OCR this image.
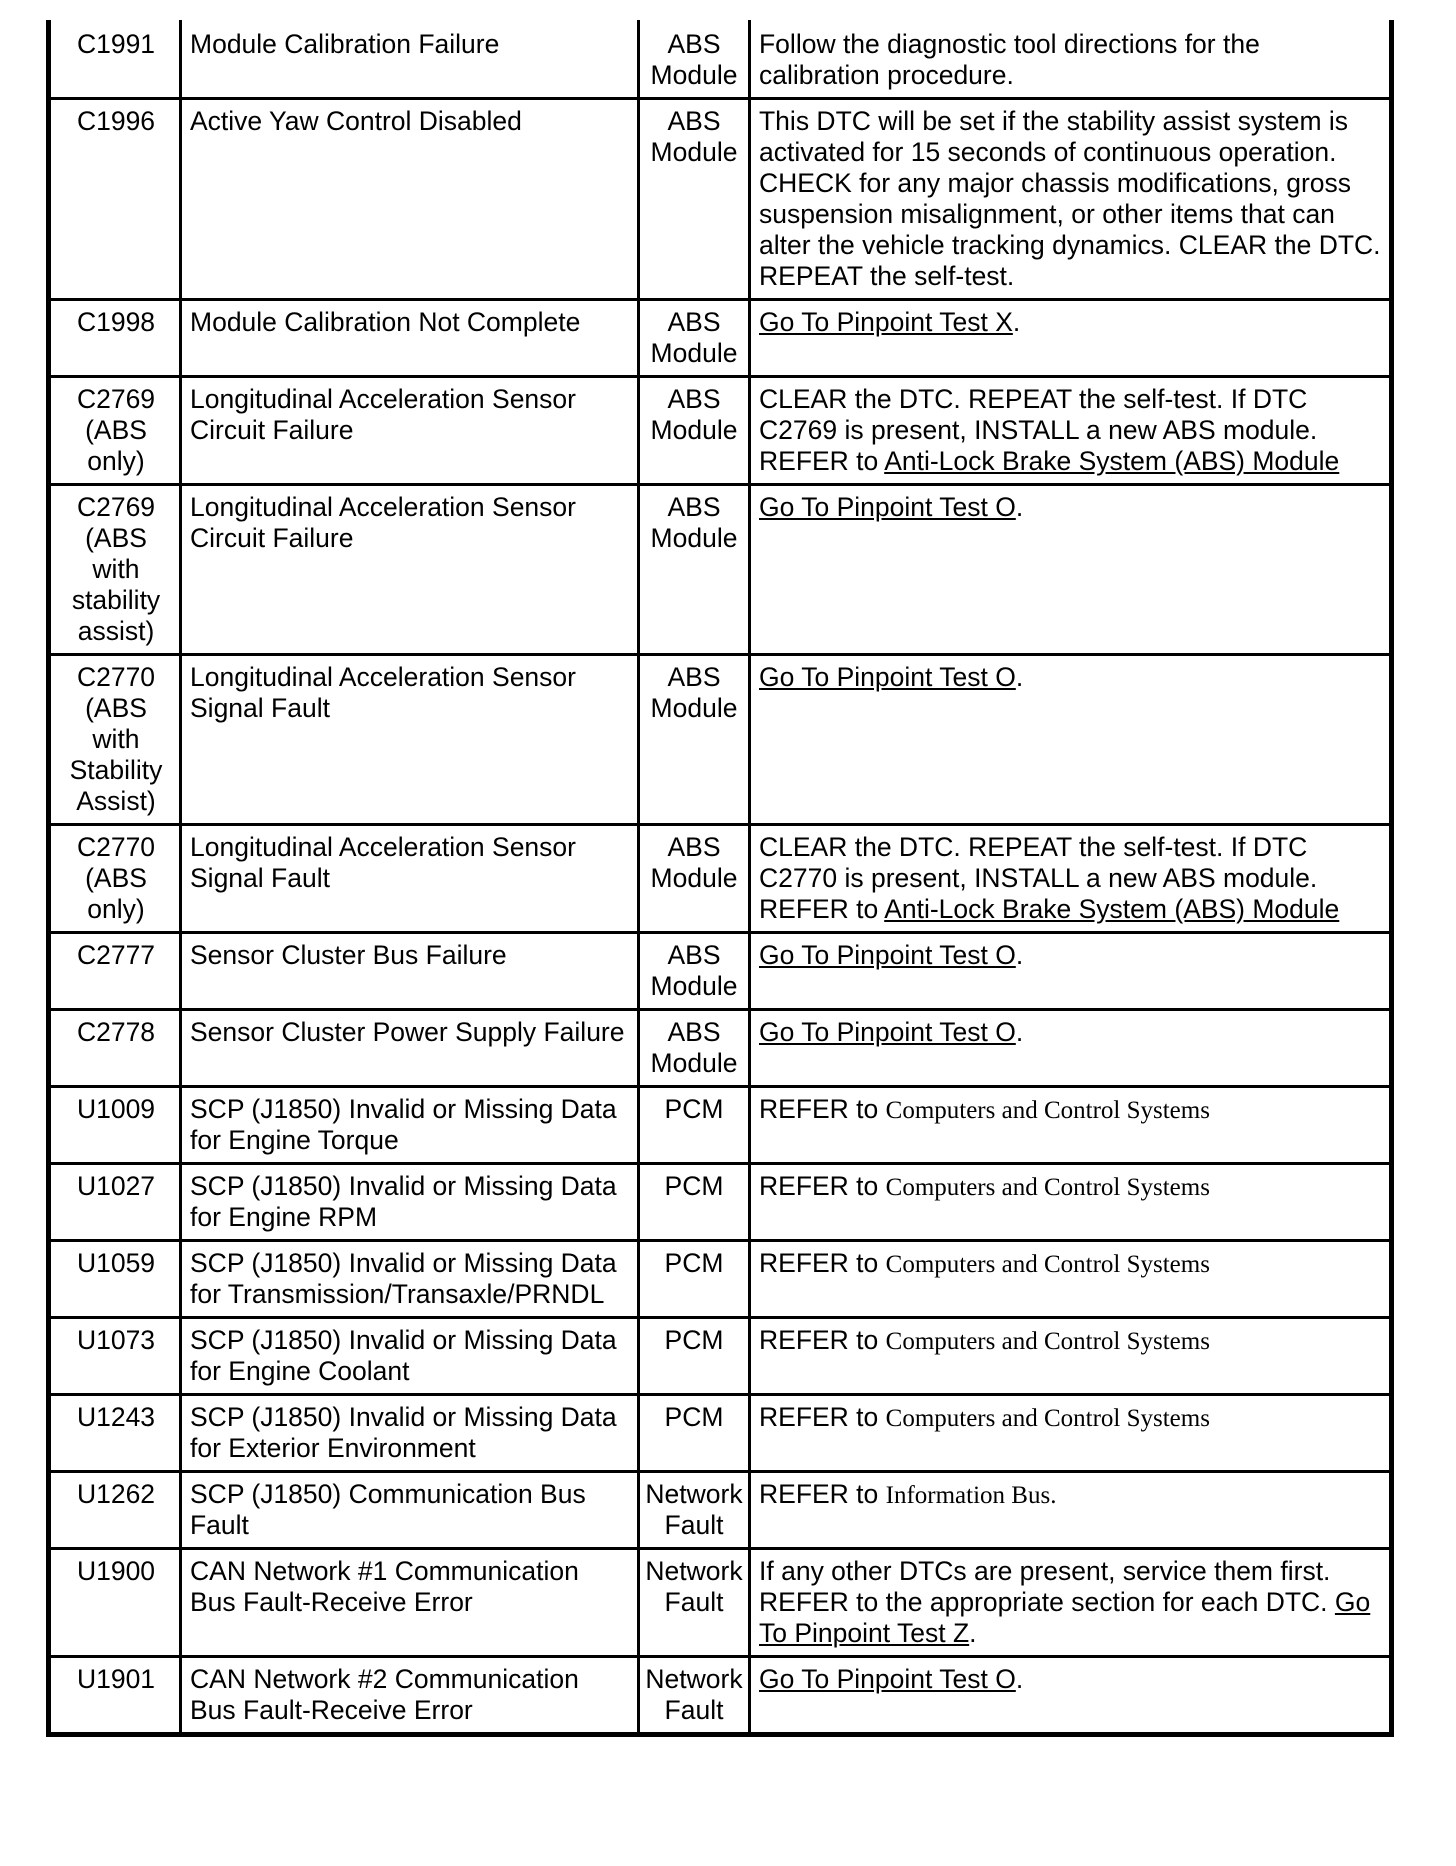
C1991	Module Calibration Failure	ABS Module	Follow the diagnostic tool directions for the calibration procedure.
C1996	Active Yaw Control Disabled	ABS Module	This DTC will be set if the stability assist system is activated for 15 seconds of continuous operation. CHECK for any major chassis modifications, gross suspension misalignment, or other items that can alter the vehicle tracking dynamics. CLEAR the DTC. REPEAT the self-test.
C1998	Module Calibration Not Complete	ABS Module	Go To Pinpoint Test X.
C2769 (ABS only)	Longitudinal Acceleration Sensor Circuit Failure	ABS Module	CLEAR the DTC. REPEAT the self-test. If DTC C2769 is present, INSTALL a new ABS module. REFER to Anti-Lock Brake System (ABS) Module
C2769 (ABS with stability assist)	Longitudinal Acceleration Sensor Circuit Failure	ABS Module	Go To Pinpoint Test O.
C2770 (ABS with Stability Assist)	Longitudinal Acceleration Sensor Signal Fault	ABS Module	Go To Pinpoint Test O.
C2770 (ABS only)	Longitudinal Acceleration Sensor Signal Fault	ABS Module	CLEAR the DTC. REPEAT the self-test. If DTC C2770 is present, INSTALL a new ABS module. REFER to Anti-Lock Brake System (ABS) Module
C2777	Sensor Cluster Bus Failure	ABS Module	Go To Pinpoint Test O.
C2778	Sensor Cluster Power Supply Failure	ABS Module	Go To Pinpoint Test O.
U1009	SCP (J1850) Invalid or Missing Data for Engine Torque	PCM	REFER to Computers and Control Systems
U1027	SCP (J1850) Invalid or Missing Data for Engine RPM	PCM	REFER to Computers and Control Systems
U1059	SCP (J1850) Invalid or Missing Data for Transmission/Transaxle/PRNDL	PCM	REFER to Computers and Control Systems
U1073	SCP (J1850) Invalid or Missing Data for Engine Coolant	PCM	REFER to Computers and Control Systems
U1243	SCP (J1850) Invalid or Missing Data for Exterior Environment	PCM	REFER to Computers and Control Systems
U1262	SCP (J1850) Communication Bus Fault	Network Fault	REFER to Information Bus.
U1900	CAN Network #1 Communication Bus Fault-Receive Error	Network Fault	If any other DTCs are present, service them first. REFER to the appropriate section for each DTC. Go To Pinpoint Test Z.
U1901	CAN Network #2 Communication Bus Fault-Receive Error	Network Fault	Go To Pinpoint Test O.
